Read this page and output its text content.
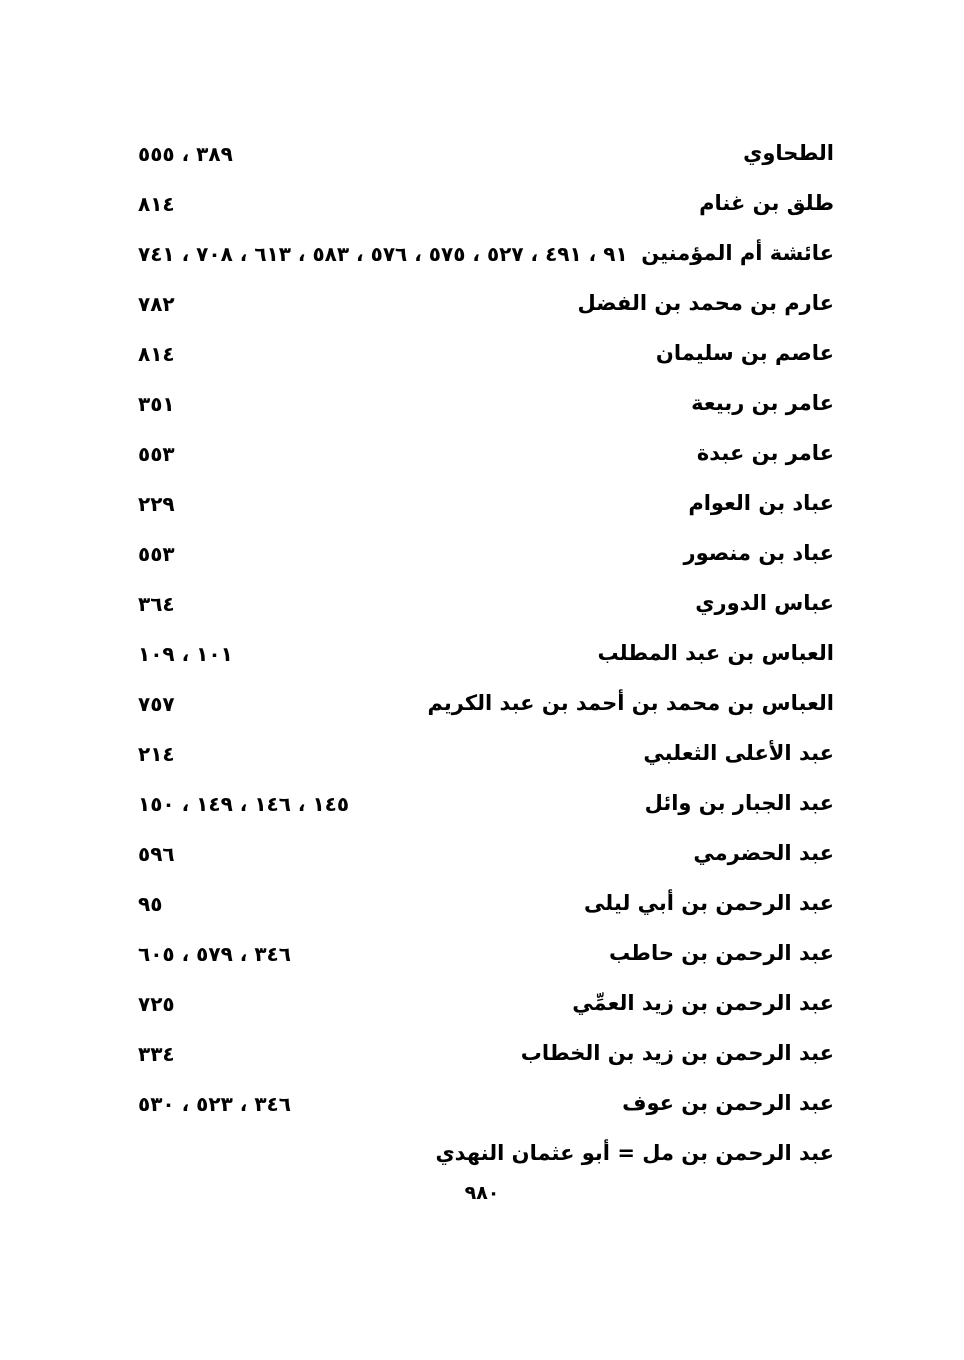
الطحاوي
٣٨٩ ، ٥٥٥
طلق بن غنام
٨١٤
عائشة أم المؤمنين
٩١ ، ٤٩١ ، ٥٢٧ ، ٥٧٥ ، ٥٧٦ ، ٥٨٣ ، ٦١٣ ، ٧٠٨ ، ٧٤١
عارم بن محمد بن الفضل
٧٨٢
عاصم بن سليمان
٨١٤
عامر بن ربيعة
٣٥١
عامر بن عبدة
٥٥٣
عباد بن العوام
٢٢٩
عباد بن منصور
٥٥٣
عباس الدوري
٣٦٤
العباس بن عبد المطلب
١٠١ ، ١٠٩
العباس بن محمد بن أحمد بن عبد الكريم
٧٥٧
عبد الأعلى الثعلبي
٢١٤
عبد الجبار بن وائل
١٤٥ ، ١٤٦ ، ١٤٩ ، ١٥٠
عبد الحضرمي
٥٩٦
عبد الرحمن بن أبي ليلى
٩٥
عبد الرحمن بن حاطب
٣٤٦ ، ٥٧٩ ، ٦٠٥
عبد الرحمن بن زيد العمِّي
٧٢٥
عبد الرحمن بن زيد بن الخطاب
٣٣٤
عبد الرحمن بن عوف
٣٤٦ ، ٥٢٣ ، ٥٣٠
عبد الرحمن بن مل = أبو عثمان النهدي
٩٨٠
